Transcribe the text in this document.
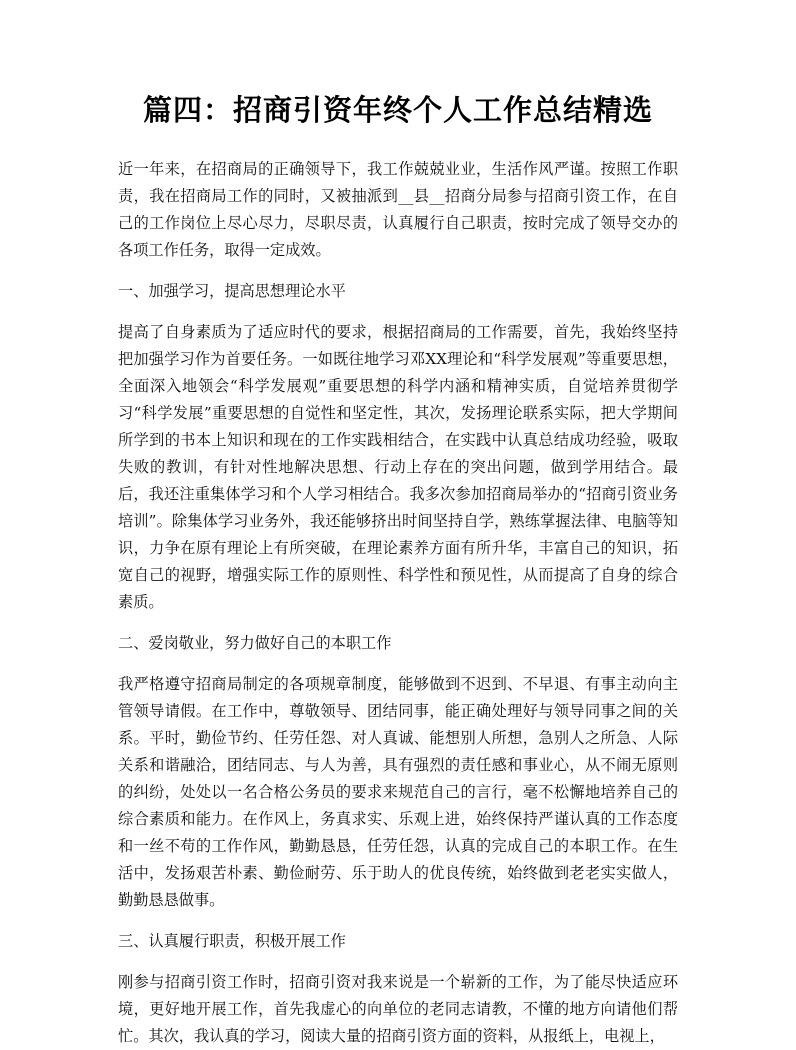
篇四：招商引资年终个人工作总结精选

近一年来，在招商局的正确领导下，我工作兢兢业业，生活作风严谨。按照工作职责，我在招商局工作的同时，又被抽派到__县__招商分局参与招商引资工作，在自己的工作岗位上尽心尽力，尽职尽责，认真履行自己职责，按时完成了领导交办的各项工作任务，取得一定成效。

一、加强学习，提高思想理论水平

提高了自身素质为了适应时代的要求，根据招商局的工作需要，首先，我始终坚持把加强学习作为首要任务。一如既往地学习邓XX理论和“科学发展观”等重要思想，全面深入地领会“科学发展观”重要思想的科学内涵和精神实质，自觉培养贯彻学习“科学发展”重要思想的自觉性和坚定性，其次，发扬理论联系实际，把大学期间所学到的书本上知识和现在的工作实践相结合，在实践中认真总结成功经验，吸取失败的教训，有针对性地解决思想、行动上存在的突出问题，做到学用结合。最后，我还注重集体学习和个人学习相结合。我多次参加招商局举办的“招商引资业务培训”。除集体学习业务外，我还能够挤出时间坚持自学，熟练掌握法律、电脑等知识，力争在原有理论上有所突破，在理论素养方面有所升华，丰富自己的知识，拓宽自己的视野，增强实际工作的原则性、科学性和预见性，从而提高了自身的综合素质。

二、爱岗敬业，努力做好自己的本职工作

我严格遵守招商局制定的各项规章制度，能够做到不迟到、不早退、有事主动向主管领导请假。在工作中，尊敬领导、团结同事，能正确处理好与领导同事之间的关系。平时，勤俭节约、任劳任怨、对人真诚、能想别人所想，急别人之所急、人际关系和谐融洽，团结同志、与人为善，具有强烈的责任感和事业心，从不闹无原则的纠纷，处处以一名合格公务员的要求来规范自己的言行，毫不松懈地培养自己的综合素质和能力。在作风上，务真求实、乐观上进，始终保持严谨认真的工作态度和一丝不苟的工作作风，勤勤恳恳，任劳任怨，认真的完成自己的本职工作。在生活中，发扬艰苦朴素、勤俭耐劳、乐于助人的优良传统，始终做到老老实实做人，勤勤恳恳做事。

三、认真履行职责，积极开展工作

刚参与招商引资工作时，招商引资对我来说是一个崭新的工作，为了能尽快适应环境，更好地开展工作，首先我虚心的向单位的老同志请教，不懂的地方向请他们帮忙。其次，我认真的学习，阅读大量的招商引资方面的资料，从报纸上，电视上，
